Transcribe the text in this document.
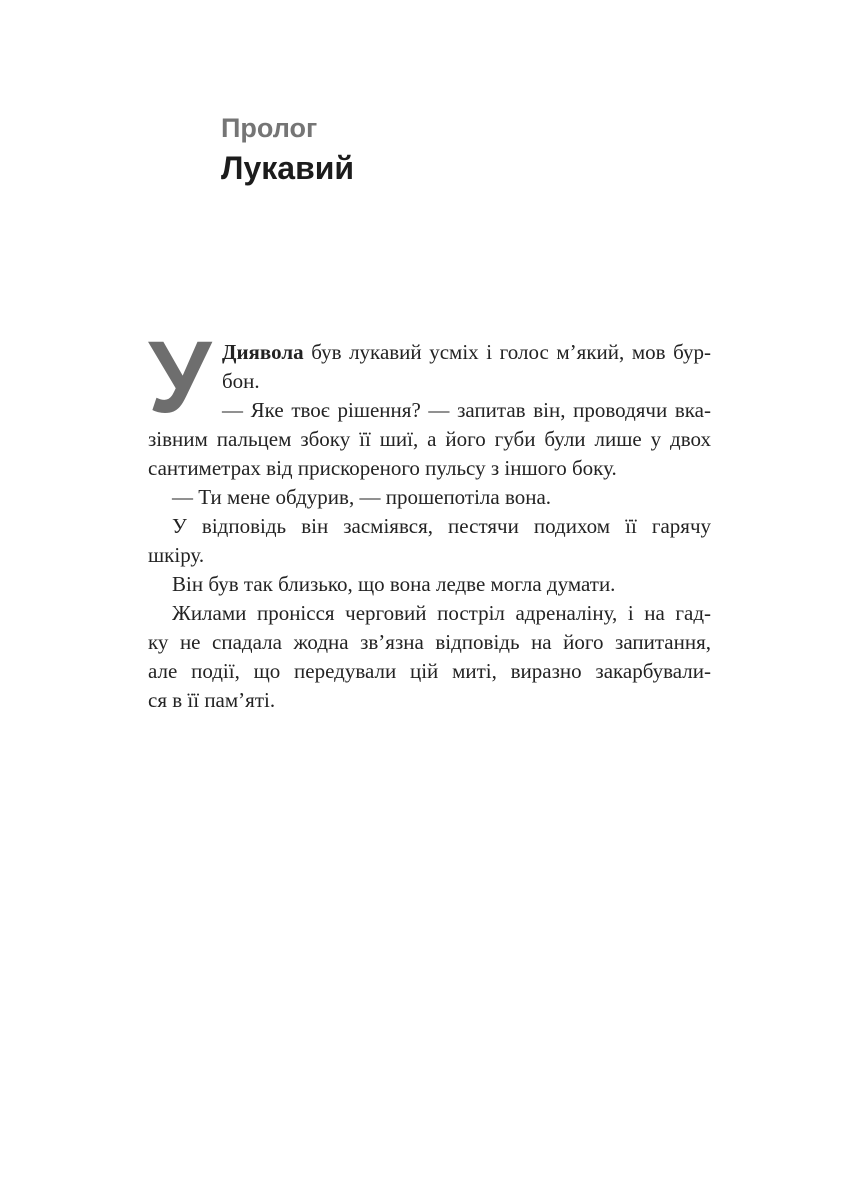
Пролог
Лукавий
У Диявола був лукавий усміх і голос м’який, мов бур-
бон.
— Яке твоє рішення? — запитав він, проводячи вка-
зівним пальцем збоку її шиї, а його губи були лише у двох
сантиметрах від прискореного пульсу з іншого боку.
— Ти мене обдурив, — прошепотіла вона.
У відповідь він засміявся, пестячи подихом її гарячу
шкіру.
Він був так близько, що вона ледве могла думати.
Жилами пронісся черговий постріл адреналіну, і на гад-
ку не спадала жодна зв’язна відповідь на його запитання,
але події, що передували цій миті, виразно закарбували-
ся в її пам’яті.
